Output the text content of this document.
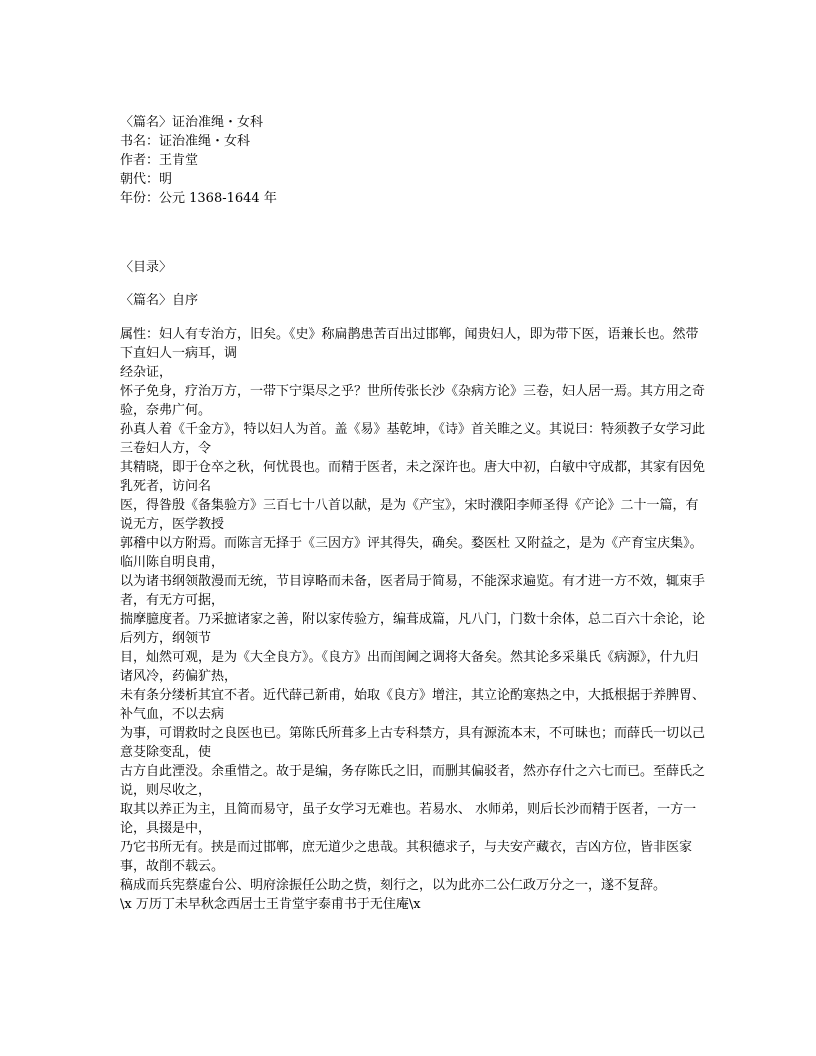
〈篇名〉证治准绳・女科
书名：证治准绳・女科
作者：王肯堂
朝代：明
年份：公元 1368-1644 年
〈目录〉
〈篇名〉自序

属性：妇人有专治方，旧矣。《史》称扁鹊患苦百出过邯郸，闻贵妇人，即为带下医，语兼长也。然带下直妇人一病耳，调

经杂证，

怀子免身，疗治万方，一带下宁渠尽之乎？世所传张长沙《杂病方论》三卷，妇人居一焉。其方用之奇验，奈弗广何。

孙真人着《千金方》，特以妇人为首。盖《易》基乾坤，《诗》首关睢之义。其说曰：特须教子女学习此三卷妇人方，令

其精晓，即于仓卒之秋，何忧畏也。而精于医者，未之深许也。唐大中初，白敏中守成都，其家有因免乳死者，访问名

医，得昝殷《备集验方》三百七十八首以献，是为《产宝》，宋时濮阳李师圣得《产论》二十一篇，有说无方，医学教授

郭稽中以方附焉。而陈言无择于《三因方》评其得失，确矣。婺医杜 又附益之，是为《产育宝庆集》。临川陈自明良甫，

以为诸书纲领散漫而无统，节目谆略而未备，医者局于简易，不能深求遍览。有才进一方不效，辄束手者，有无方可据，

揣摩臆度者。乃采摭诸家之善，附以家传验方，编葺成篇，凡八门，门数十余体，总二百六十余论，论后列方，纲领节

目，灿然可观，是为《大全良方》。《良方》出而闺阃之调将大备矣。然其论多采巢氏《病源》，什九归诸风冷，药偏犷热，

未有条分缕析其宜不者。近代薛己新甫，始取《良方》增注，其立论酌寒热之中，大抵根据于养脾胃、补气血，不以去病

为事，可谓救时之良医也已。第陈氏所葺多上古专科禁方，具有源流本末，不可昧也；而薛氏一切以己意芟除变乱，使

古方自此湮没。余重惜之。故于是编，务存陈氏之旧，而删其偏驳者，然亦存什之六七而已。至薛氏之说，则尽收之，

取其以养正为主，且简而易守，虽子女学习无难也。若易水、 水师弟，则后长沙而精于医者，一方一论，具掇是中，

乃它书所无有。挟是而过邯郸，庶无道少之患哉。其积德求子，与夫安产藏衣，吉凶方位，皆非医家事，故削不载云。

稿成而兵宪蔡虚台公、明府涂振任公助之赀，刻行之，以为此亦二公仁政万分之一，遂不复辞。

\x 万历丁未早秋念西居士王肯堂宇泰甫书于无住庵\x
